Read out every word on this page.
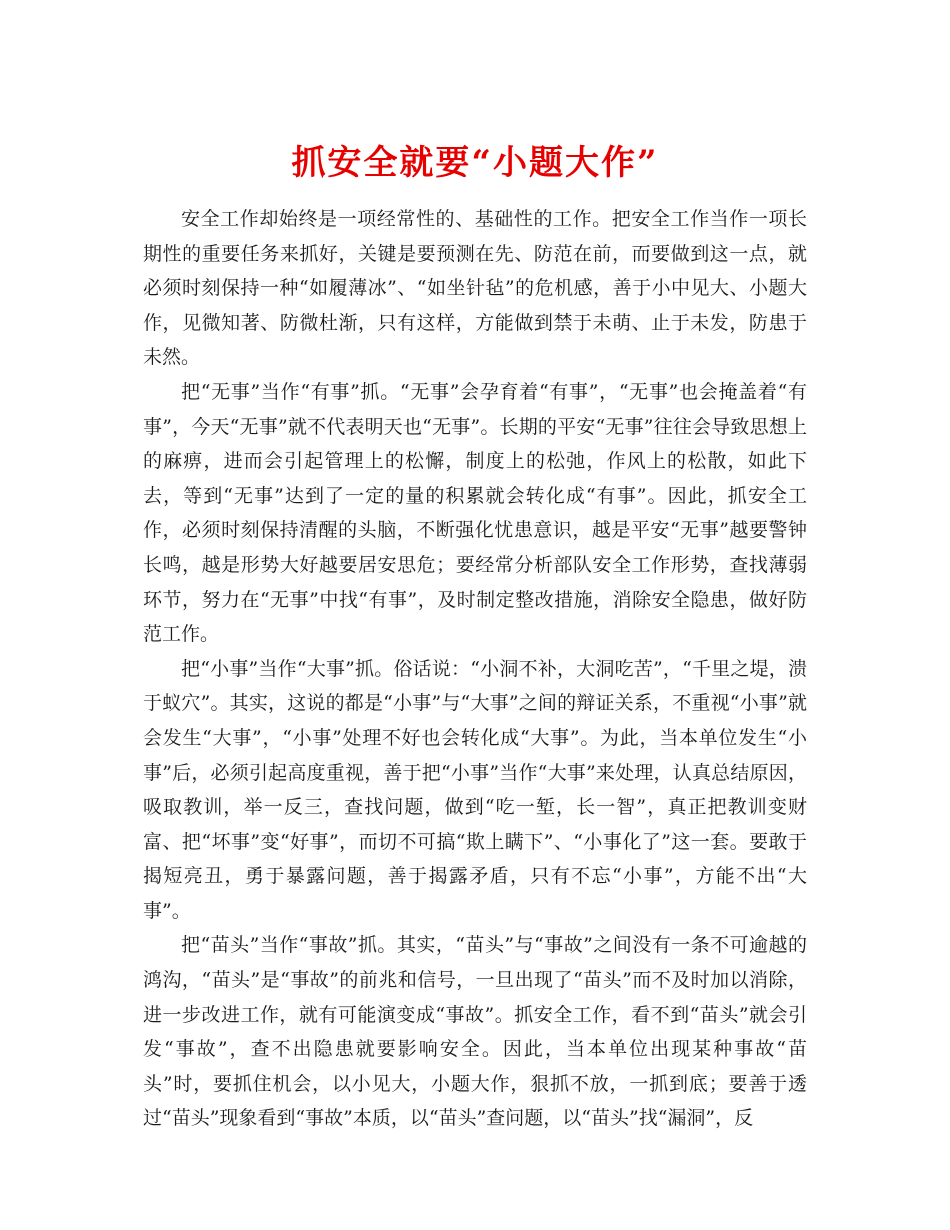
抓安全就要“小题大作”

安全工作却始终是一项经常性的、基础性的工作。把安全工作当作一项长期性的重要任务来抓好，关键是要预测在先、防范在前，而要做到这一点，就必须时刻保持一种“如履薄冰”、“如坐针毡”的危机感，善于小中见大、小题大作，见微知著、防微杜渐，只有这样，方能做到禁于未萌、止于未发，防患于未然。

把“无事”当作“有事”抓。“无事”会孕育着“有事”，“无事”也会掩盖着“有事”，今天“无事”就不代表明天也“无事”。长期的平安“无事”往往会导致思想上的麻痹，进而会引起管理上的松懈，制度上的松弛，作风上的松散，如此下去，等到“无事”达到了一定的量的积累就会转化成“有事”。因此，抓安全工作，必须时刻保持清醒的头脑，不断强化忧患意识，越是平安“无事”越要警钟长鸣，越是形势大好越要居安思危；要经常分析部队安全工作形势，查找薄弱环节，努力在“无事”中找“有事”，及时制定整改措施，消除安全隐患，做好防范工作。

把“小事”当作“大事”抓。俗话说：“小洞不补，大洞吃苦”，“千里之堤，溃于蚁穴”。其实，这说的都是“小事”与“大事”之间的辩证关系，不重视“小事”就会发生“大事”，“小事”处理不好也会转化成“大事”。为此，当本单位发生“小事”后，必须引起高度重视，善于把“小事”当作“大事”来处理，认真总结原因，吸取教训，举一反三，查找问题，做到“吃一堑，长一智”，真正把教训变财富、把“坏事”变“好事”，而切不可搞“欺上瞒下”、“小事化了”这一套。要敢于揭短亮丑，勇于暴露问题，善于揭露矛盾，只有不忘“小事”，方能不出“大事”。

把“苗头”当作“事故”抓。其实，“苗头”与“事故”之间没有一条不可逾越的鸿沟，“苗头”是“事故”的前兆和信号，一旦出现了“苗头”而不及时加以消除，进一步改进工作，就有可能演变成“事故”。抓安全工作，看不到“苗头”就会引发“事故”，查不出隐患就要影响安全。因此，当本单位出现某种事故“苗头”时，要抓住机会，以小见大，小题大作，狠抓不放，一抓到底；要善于透过“苗头”现象看到“事故”本质，以“苗头”查问题，以“苗头”找“漏洞”，反
